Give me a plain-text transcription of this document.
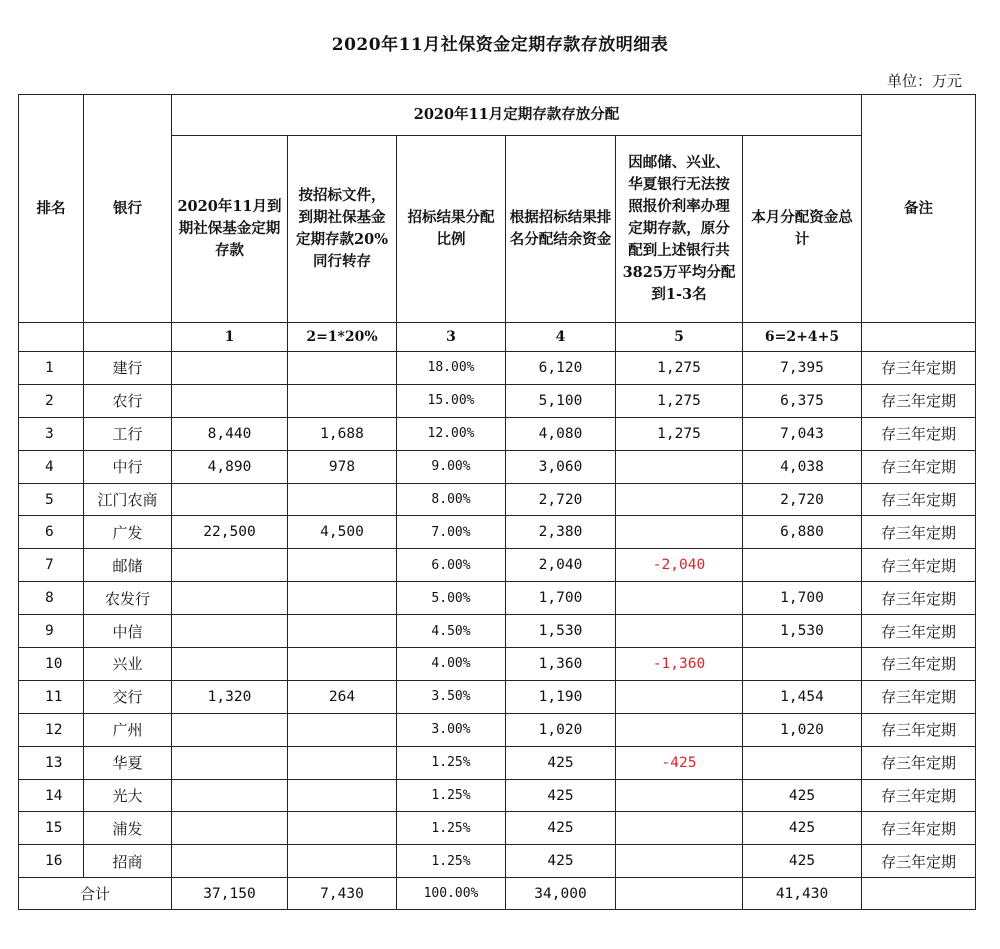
2020年11月社保资金定期存款存放明细表
单位：万元
排名	银行	2020年11月定期存款存放分配						备注
		2020年11月到期社保基金定期存款	按招标文件，到期社保基金定期存款20%同行转存	招标结果分配比例	根据招标结果排名分配结余资金	因邮储、兴业、华夏银行无法按照报价利率办理定期存款，原分配到上述银行共3825万平均分配到1-3名	本月分配资金总计	
		1	2=1*20%	3	4	5	6=2+4+5	
1	建行			18.00%	6,120	1,275	7,395	存三年定期
2	农行			15.00%	5,100	1,275	6,375	存三年定期
3	工行	8,440	1,688	12.00%	4,080	1,275	7,043	存三年定期
4	中行	4,890	978	9.00%	3,060		4,038	存三年定期
5	江门农商			8.00%	2,720		2,720	存三年定期
6	广发	22,500	4,500	7.00%	2,380		6,880	存三年定期
7	邮储			6.00%	2,040	-2,040		存三年定期
8	农发行			5.00%	1,700		1,700	存三年定期
9	中信			4.50%	1,530		1,530	存三年定期
10	兴业			4.00%	1,360	-1,360		存三年定期
11	交行	1,320	264	3.50%	1,190		1,454	存三年定期
12	广州			3.00%	1,020		1,020	存三年定期
13	华夏			1.25%	425	-425		存三年定期
14	光大			1.25%	425		425	存三年定期
15	浦发			1.25%	425		425	存三年定期
16	招商			1.25%	425		425	存三年定期
合计		37,150	7,430	100.00%	34,000		41,430	
